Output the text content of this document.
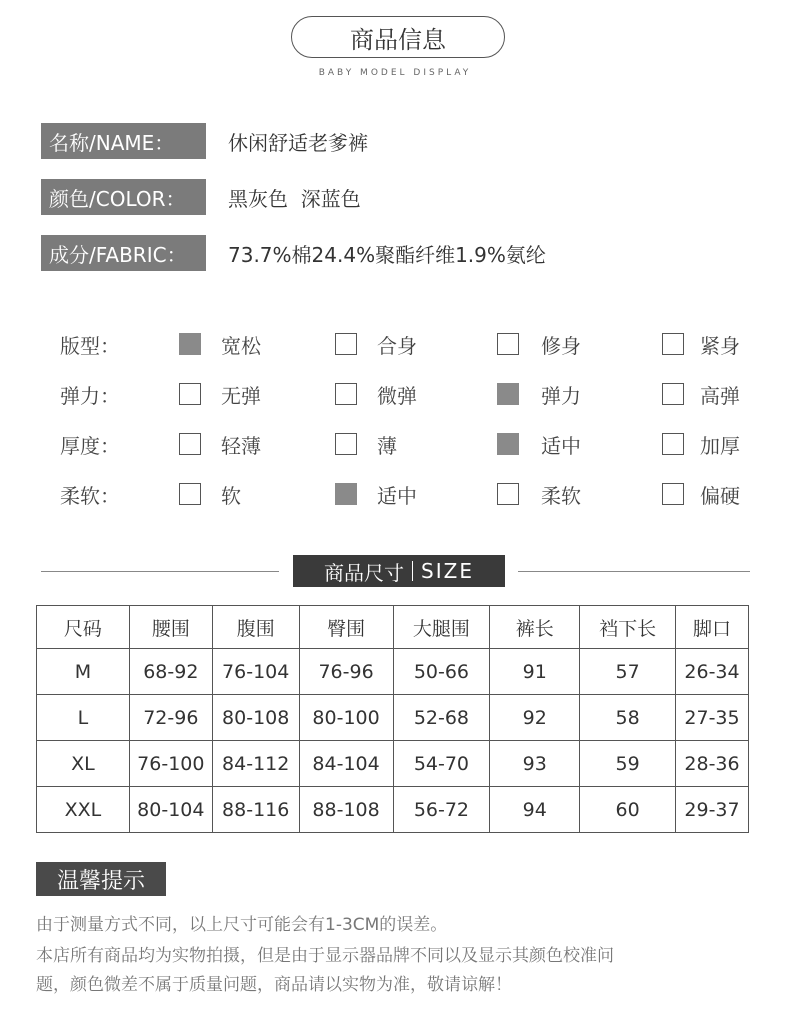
商品信息
BABY MODEL DISPLAY
名称/NAME：	休闲舒适老爹裤
颜色/COLOR：	黑灰色  深蓝色
成分/FABRIC：	73.7%棉24.4%聚酯纤维1.9%氨纶
版型：	宽松	合身	修身	紧身
弹力：	无弹	微弹	弹力	高弹
厚度：	轻薄	薄	适中	加厚
柔软：	软	适中	柔软	偏硬
商品尺寸 SIZE
尺码	腰围	腹围	臀围	大腿围	裤长	裆下长	脚口
M	68-92	76-104	76-96	50-66	91	57	26-34
L	72-96	80-108	80-100	52-68	92	58	27-35
XL	76-100	84-112	84-104	54-70	93	59	28-36
XXL	80-104	88-116	88-108	56-72	94	60	29-37
温馨提示
由于测量方式不同，以上尺寸可能会有1-3CM的误差。
本店所有商品均为实物拍摄，但是由于显示器品牌不同以及显示其颜色校准问
题，颜色微差不属于质量问题，商品请以实物为准，敬请谅解！
